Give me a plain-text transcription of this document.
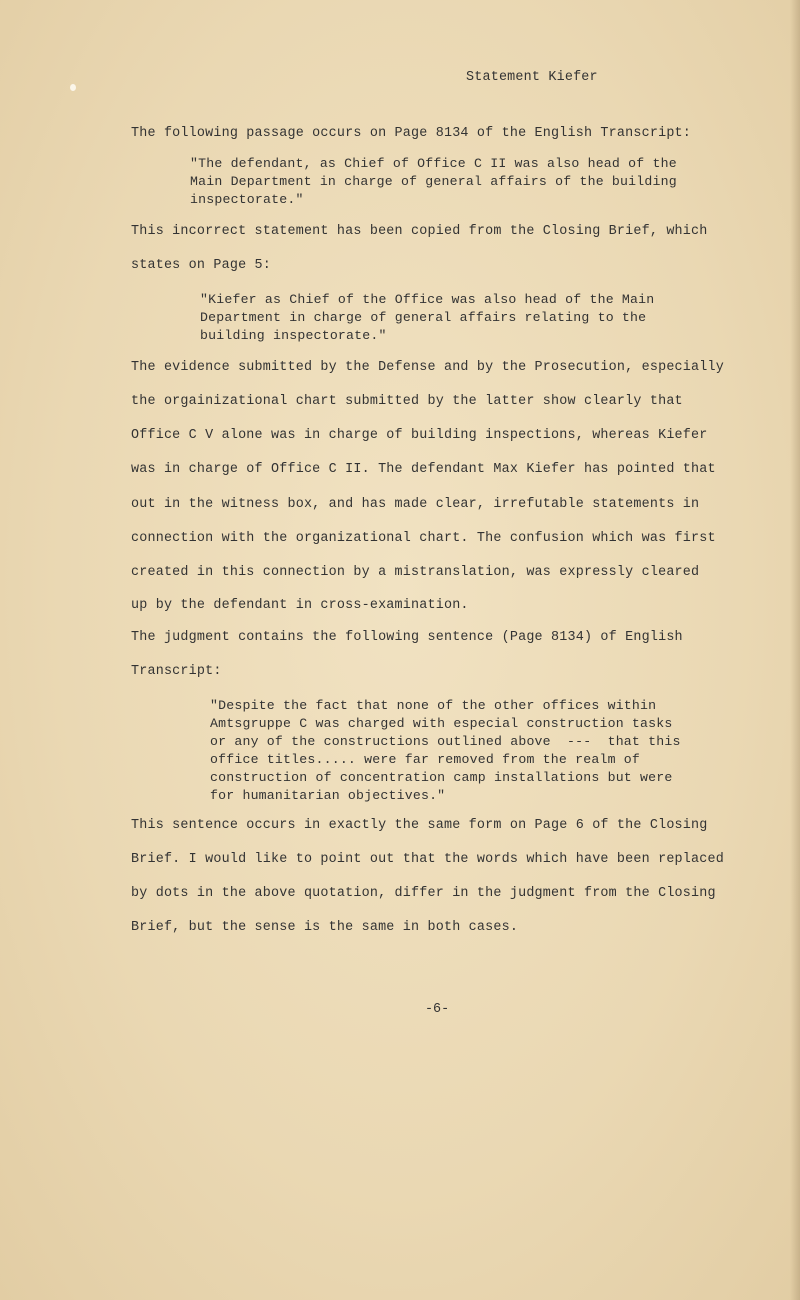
Statement Kiefer
The following passage occurs on Page 8134 of the English Transcript:
"The defendant, as Chief of Office C II was also head of the
Main Department in charge of general affairs of the building
inspectorate."
This incorrect statement has been copied from the Closing Brief, which
states on Page 5:
"Kiefer as Chief of the Office was also head of the Main
Department in charge of general affairs relating to the
building inspectorate."
The evidence submitted by the Defense and by the Prosecution, especially
the orgainizational chart submitted by the latter show clearly that
Office C V alone was in charge of building inspections, whereas Kiefer
was in charge of Office C II. The defendant Max Kiefer has pointed that
out in the witness box, and has made clear, irrefutable statements in
connection with the organizational chart. The confusion which was first
created in this connection by a mistranslation, was expressly cleared
up by the defendant in cross-examination.
The judgment contains the following sentence (Page 8134) of English
Transcript:
"Despite the fact that none of the other offices within
Amtsgruppe C was charged with especial construction tasks
or any of the constructions outlined above  ---  that this
office titles..... were far removed from the realm of
construction of concentration camp installations but were
for humanitarian objectives."
This sentence occurs in exactly the same form on Page 6 of the Closing
Brief. I would like to point out that the words which have been replaced
by dots in the above quotation, differ in the judgment from the Closing
Brief, but the sense is the same in both cases.
-6-
